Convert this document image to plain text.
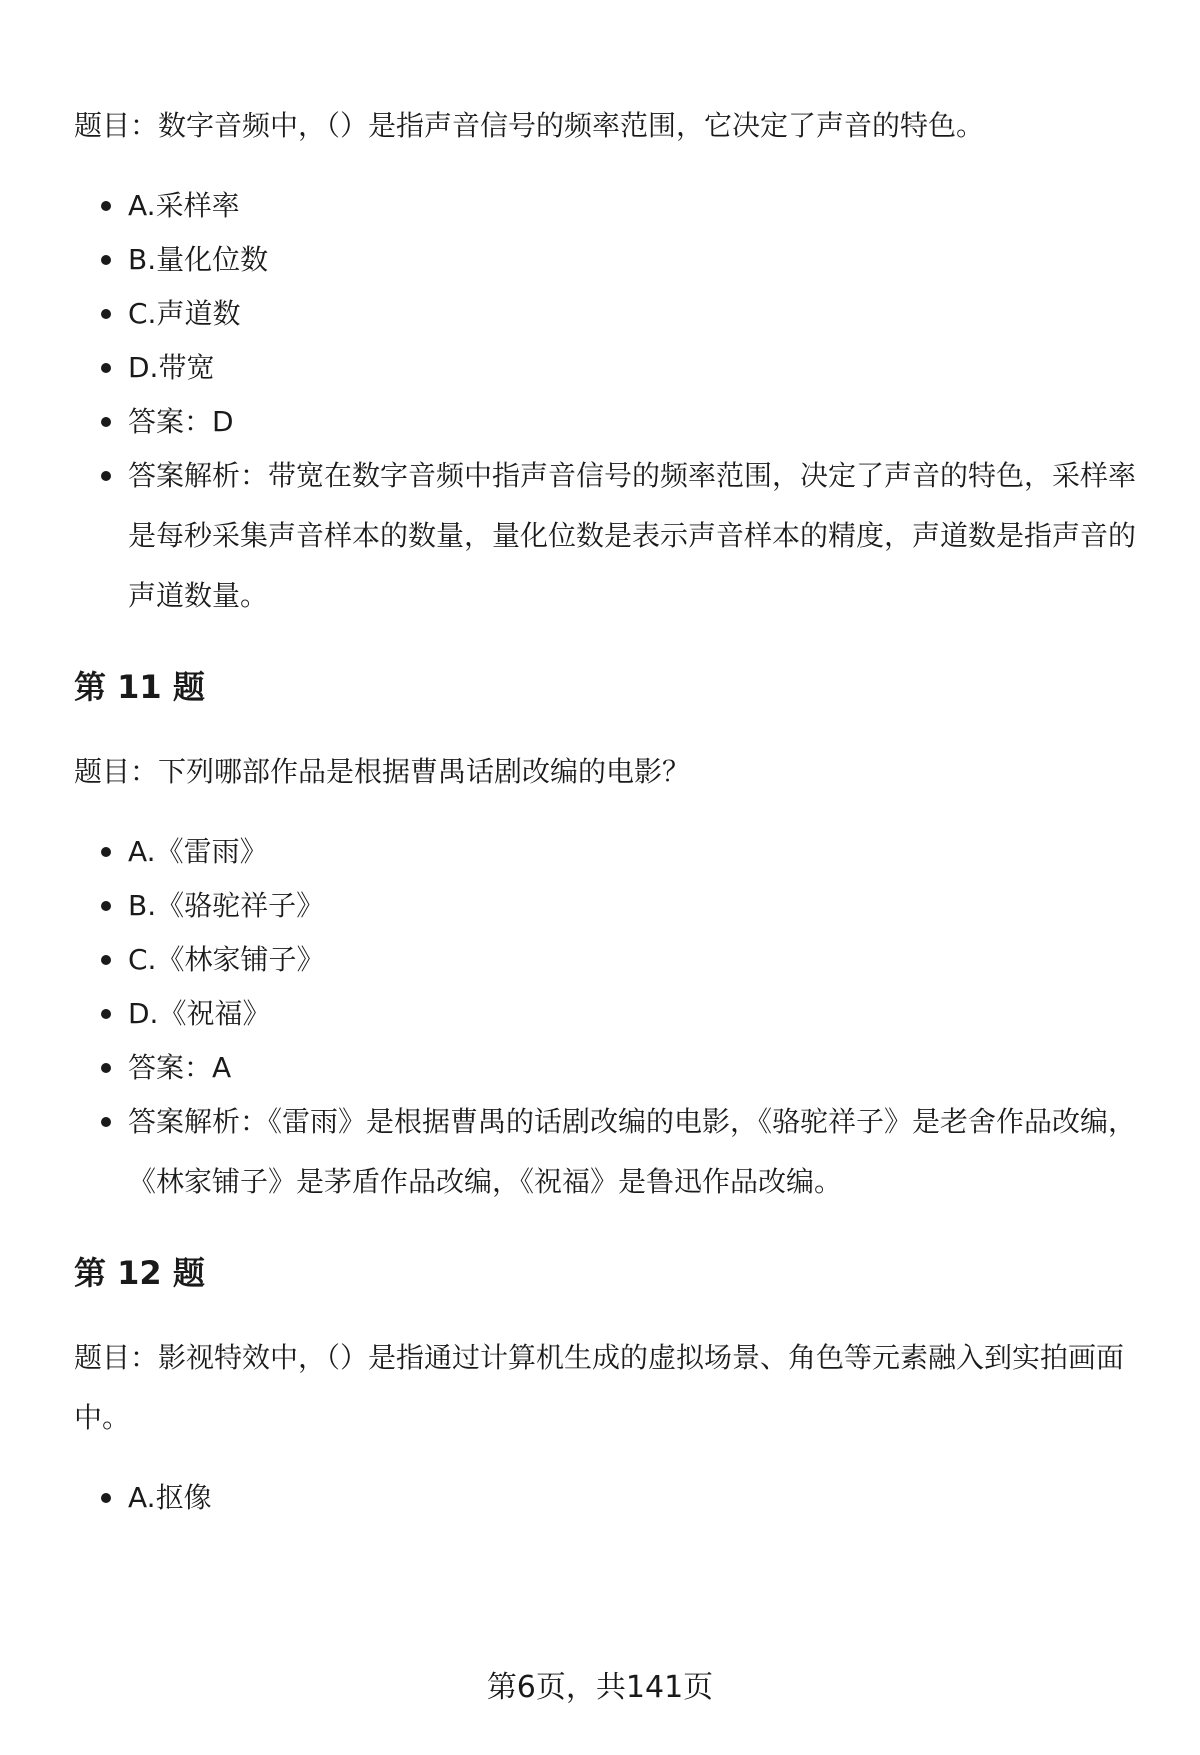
题目：数字音频中，（）是指声音信号的频率范围，它决定了声音的特色。

A.采样率
B.量化位数
C.声道数
D.带宽
答案：D
答案解析：带宽在数字音频中指声音信号的频率范围，决定了声音的特色，采样率是每秒采集声音样本的数量，量化位数是表示声音样本的精度，声道数是指声音的声道数量。
第 11 题

题目：下列哪部作品是根据曹禺话剧改编的电影？

A.《雷雨》
B.《骆驼祥子》
C.《林家铺子》
D.《祝福》
答案：A
答案解析：《雷雨》是根据曹禺的话剧改编的电影，《骆驼祥子》是老舍作品改编，《林家铺子》是茅盾作品改编，《祝福》是鲁迅作品改编。
第 12 题

题目：影视特效中，（）是指通过计算机生成的虚拟场景、角色等元素融入到实拍画面中。

A.抠像
第6页，共141页
